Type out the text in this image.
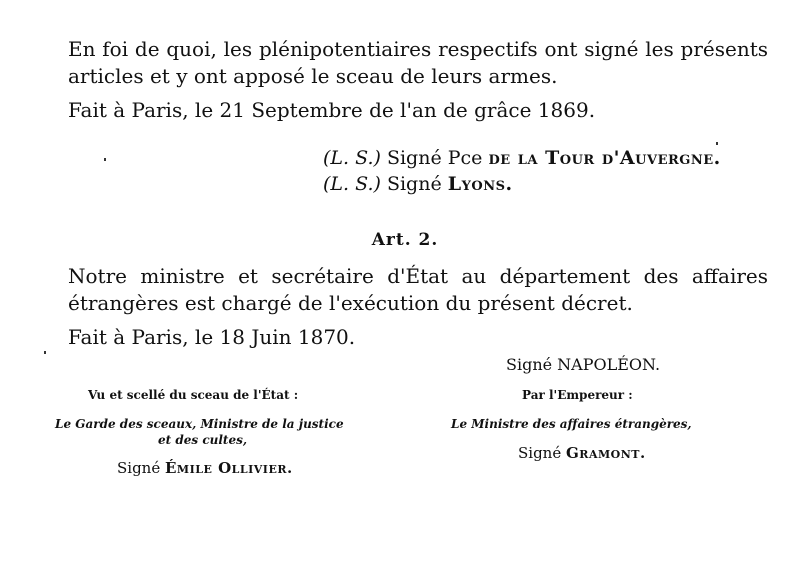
En foi de quoi, les plénipotentiaires respectifs ont signé les présents articles et y ont apposé le sceau de leurs armes.
Fait à Paris, le 21 Septembre de l'an de grâce 1869.
(L. S.) Signé Pce de la Tour d'Auvergne.
(L. S.) Signé Lyons.
Art. 2.
Notre ministre et secrétaire d'État au département des affaires étrangères est chargé de l'exécution du présent décret.
Fait à Paris, le 18 Juin 1870.
Signé NAPOLÉON.
Vu et scellé du sceau de l'État :	Par l'Empereur :
Le Garde des sceaux, Ministre de la justice
et des cultes,
Le Ministre des affaires étrangères,
Signé Émile Ollivier.
Signé Gramont.
